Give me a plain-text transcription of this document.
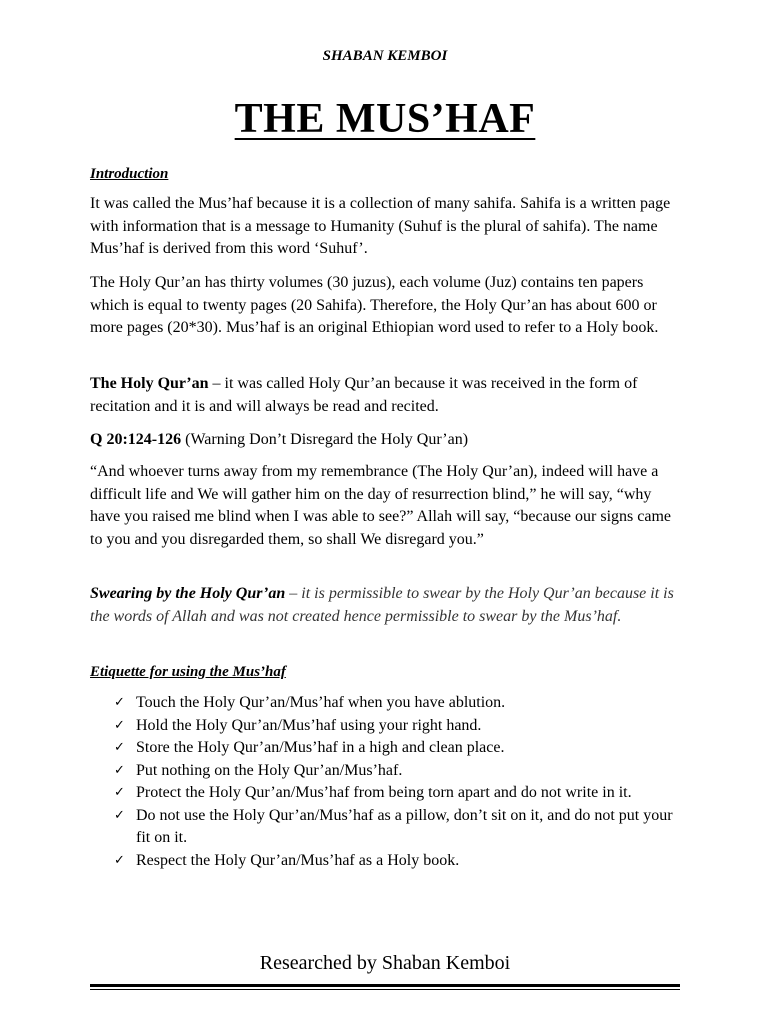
SHABAN KEMBOI
THE MUS’HAF
Introduction
It was called the Mus’haf because it is a collection of many sahifa. Sahifa is a written page with information that is a message to Humanity (Suhuf is the plural of sahifa). The name Mus’haf is derived from this word ‘Suhuf’.
The Holy Qur’an has thirty volumes (30 juzus), each volume (Juz) contains ten papers which is equal to twenty pages (20 Sahifa). Therefore, the Holy Qur’an has about 600 or more pages (20*30). Mus’haf is an original Ethiopian word used to refer to a Holy book.
The Holy Qur’an – it was called Holy Qur’an because it was received in the form of recitation and it is and will always be read and recited.
Q 20:124-126 (Warning Don’t Disregard the Holy Qur’an)
“And whoever turns away from my remembrance (The Holy Qur’an), indeed will have a difficult life and We will gather him on the day of resurrection blind,” he will say, “why have you raised me blind when I was able to see?” Allah will say, “because our signs came to you and you disregarded them, so shall We disregard you.”
Swearing by the Holy Qur’an – it is permissible to swear by the Holy Qur’an because it is the words of Allah and was not created hence permissible to swear by the Mus’haf.
Etiquette for using the Mus’haf
✓ Touch the Holy Qur’an/Mus’haf when you have ablution.
✓ Hold the Holy Qur’an/Mus’haf using your right hand.
✓ Store the Holy Qur’an/Mus’haf in a high and clean place.
✓ Put nothing on the Holy Qur’an/Mus’haf.
✓ Protect the Holy Qur’an/Mus’haf from being torn apart and do not write in it.
✓ Do not use the Holy Qur’an/Mus’haf as a pillow, don’t sit on it, and do not put your fit on it.
✓ Respect the Holy Qur’an/Mus’haf as a Holy book.
Researched by Shaban Kemboi
